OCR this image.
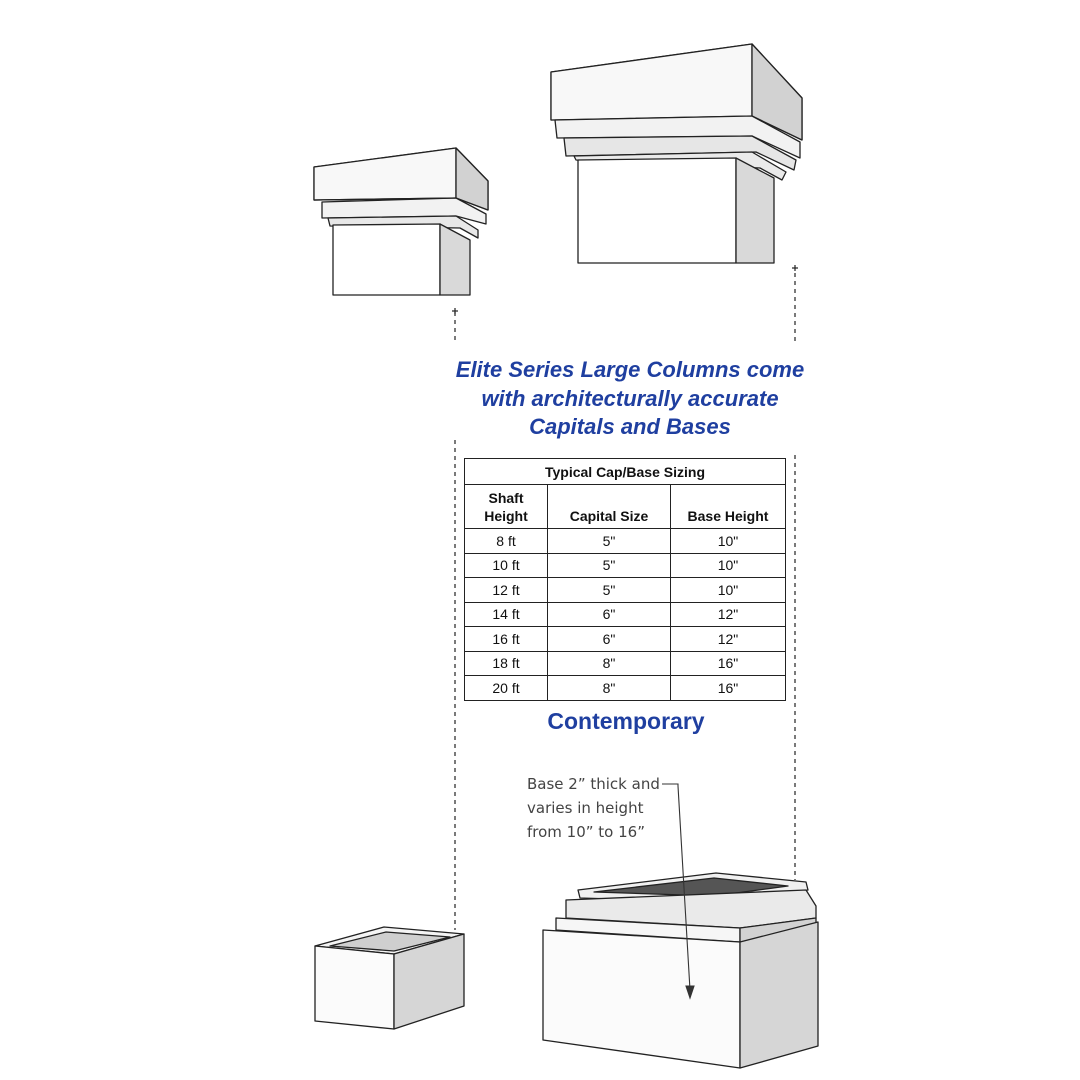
Elite Series Large Columns come
with architecturally accurate
Capitals and Bases
Typical Cap/Base Sizing		
Shaft
Height	Capital Size	Base Height
8 ft	5"	10"
10 ft	5"	10"
12 ft	5"	10"
14 ft	6"	12"
16 ft	6"	12"
18 ft	8"	16"
20 ft	8"	16"
Contemporary
Base 2” thick and
varies in height
from 10” to 16”
